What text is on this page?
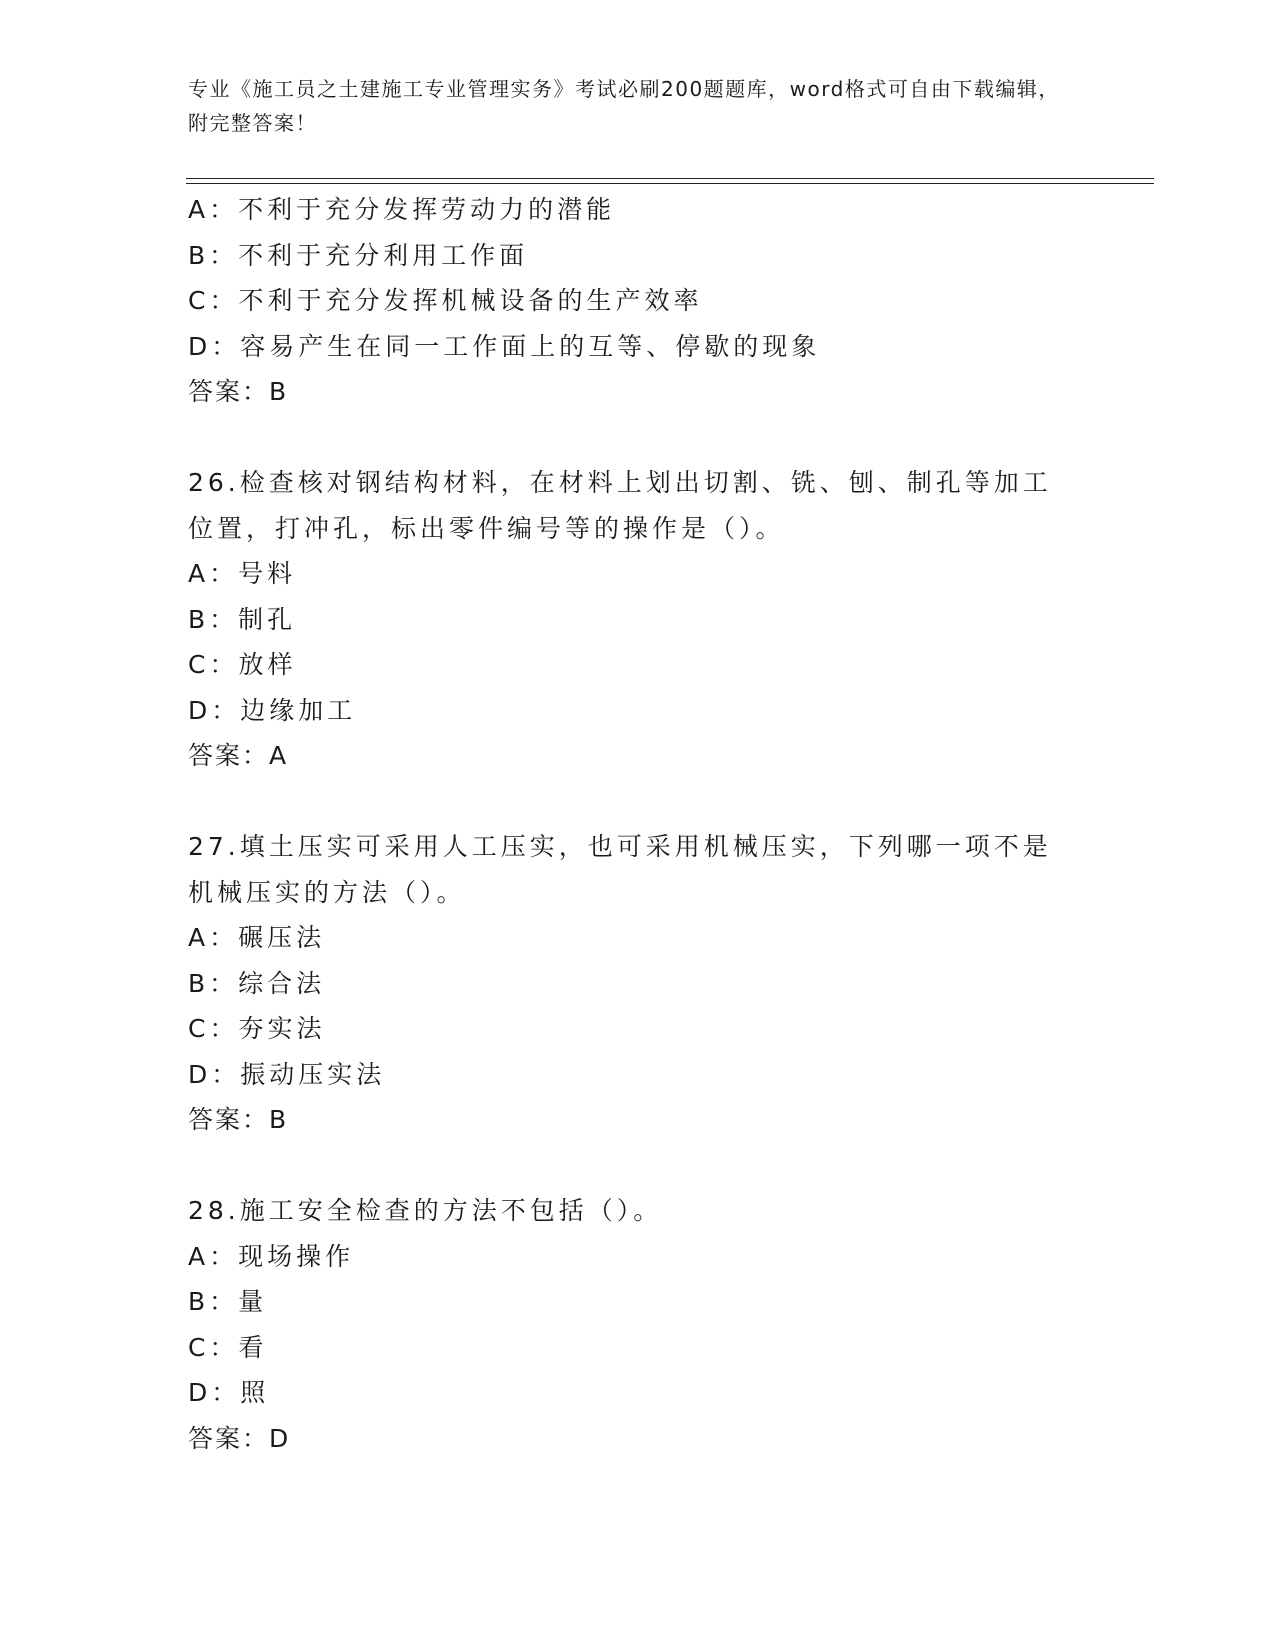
专业《施工员之土建施工专业管理实务》考试必刷200题题库，word格式可自由下载编辑，附完整答案！
A：不利于充分发挥劳动力的潜能
B：不利于充分利用工作面
C：不利于充分发挥机械设备的生产效率
D：容易产生在同一工作面上的互等、停歇的现象
答案：B
26.检查核对钢结构材料，在材料上划出切割、铣、刨、制孔等加工位置，打冲孔，标出零件编号等的操作是（）。
A：号料
B：制孔
C：放样
D：边缘加工
答案：A
27.填土压实可采用人工压实，也可采用机械压实，下列哪一项不是机械压实的方法（）。
A：碾压法
B：综合法
C：夯实法
D：振动压实法
答案：B
28.施工安全检查的方法不包括（）。
A：现场操作
B：量
C：看
D：照
答案：D
